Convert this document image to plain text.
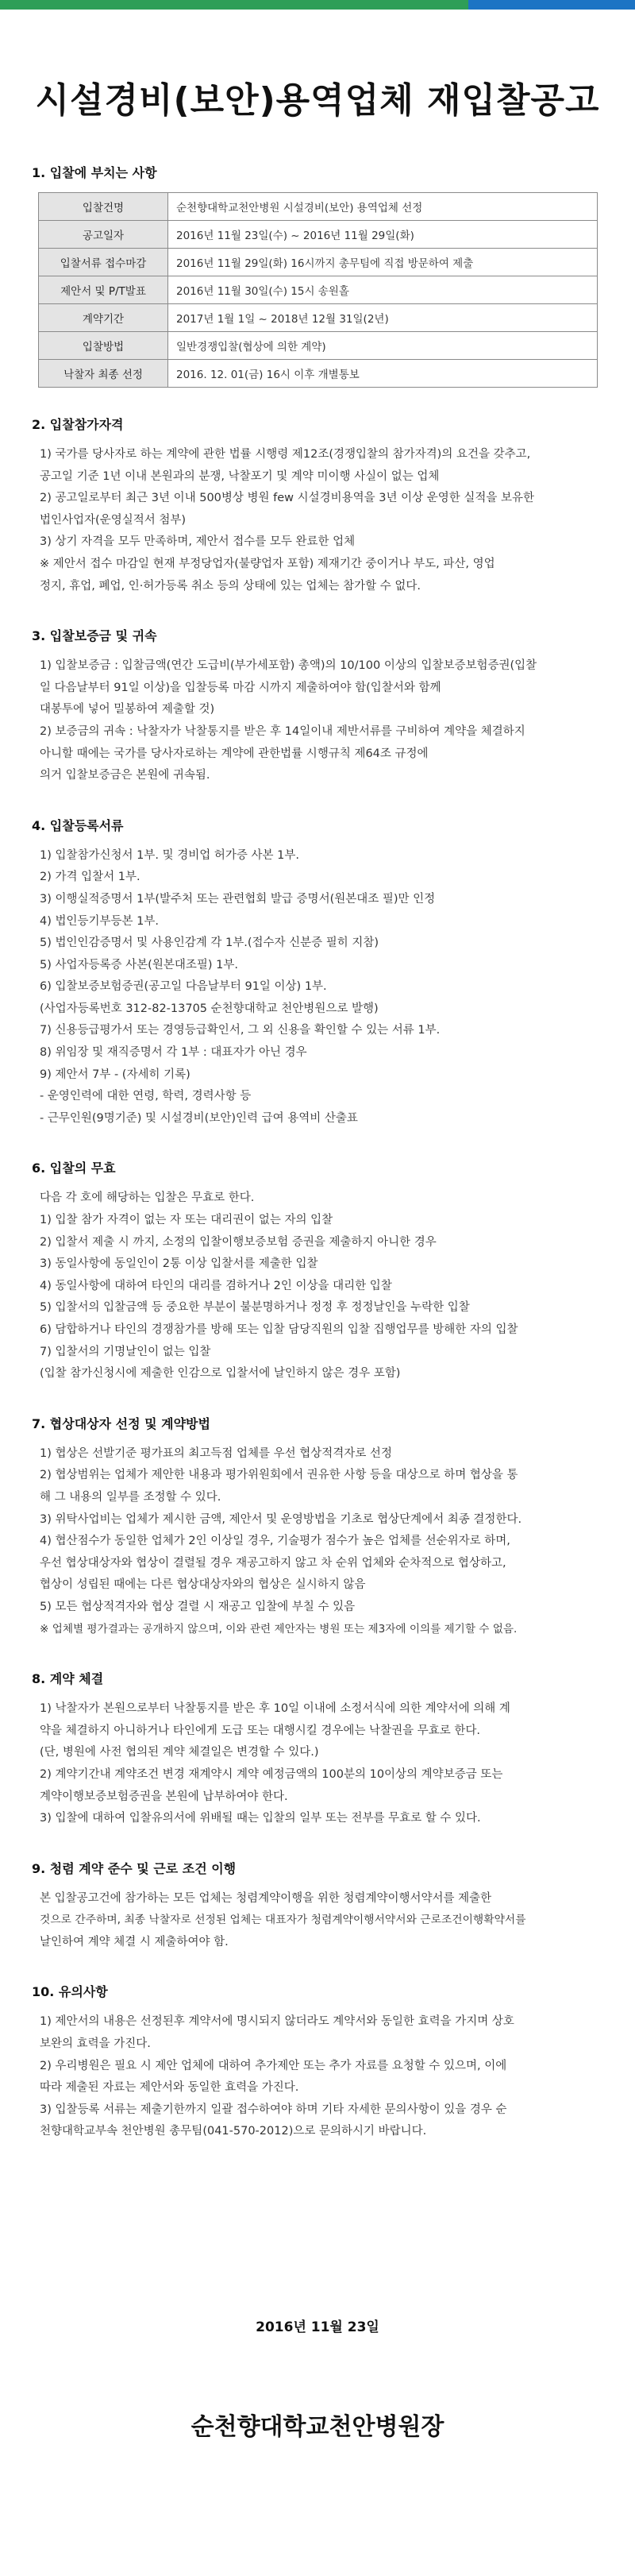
시설경비(보안)용역업체 재입찰공고
1. 입찰에 부치는 사항
입찰건명	순천향대학교천안병원 시설경비(보안) 용역업체 선정
공고일자	2016년 11월 23일(수) ~ 2016년 11월 29일(화)
입찰서류 접수마감	2016년 11월 29일(화) 16시까지 총무팀에 직접 방문하여 제출
제안서 및 P/T발표	2016년 11월 30일(수) 15시 송원홀
계약기간	2017년 1월 1일 ~ 2018년 12월 31일(2년)
입찰방법	일반경쟁입찰(협상에 의한 계약)
낙찰자 최종 선정	2016. 12. 01(금) 16시 이후 개별통보
2. 입찰참가자격
1) 국가를 당사자로 하는 계약에 관한 법률 시행령 제12조(경쟁입찰의 참가자격)의 요건을 갖추고,
공고일 기준 1년 이내 본원과의 분쟁, 낙찰포기 및 계약 미이행 사실이 없는 업체
2) 공고일로부터 최근 3년 이내 500병상 병원 few 시설경비용역을 3년 이상 운영한 실적을 보유한
법인사업자(운영실적서 첨부)
3) 상기 자격을 모두 만족하며, 제안서 접수를 모두 완료한 업체
※ 제안서 접수 마감일 현재 부정당업자(불량업자 포함) 제재기간 중이거나 부도, 파산, 영업
정지, 휴업, 폐업, 인·허가등록 취소 등의 상태에 있는 업체는 참가할 수 없다.
3. 입찰보증금 및 귀속
1) 입찰보증금 : 입찰금액(연간 도급비(부가세포함) 총액)의 10/100 이상의 입찰보증보험증권(입찰
일 다음날부터 91일 이상)을 입찰등록 마감 시까지 제출하여야 함(입찰서와 함께
대봉투에 넣어 밀봉하여 제출할 것)
2) 보증금의 귀속 : 낙찰자가 낙찰통지를 받은 후 14일이내 제반서류를 구비하여 계약을 체결하지
아니할 때에는 국가를 당사자로하는 계약에 관한법률 시행규칙 제64조 규정에
의거 입찰보증금은 본원에 귀속됨.
4. 입찰등록서류
1) 입찰참가신청서 1부. 및 경비업 허가증 사본 1부.
2) 가격 입찰서 1부.
3) 이행실적증명서 1부(발주처 또는 관련협회 발급 증명서(원본대조 필)만 인정
4) 법인등기부등본 1부.
5) 법인인감증명서 및 사용인감계 각 1부.(접수자 신분증 필히 지참)
5) 사업자등록증 사본(원본대조필) 1부.
6) 입찰보증보험증권(공고일 다음날부터 91일 이상) 1부.
(사업자등록번호 312-82-13705 순천향대학교 천안병원으로 발행)
7) 신용등급평가서 또는 경영등급확인서, 그 외 신용을 확인할 수 있는 서류 1부.
8) 위임장 및 재직증명서 각 1부 : 대표자가 아닌 경우
9) 제안서 7부 - (자세히 기록)
- 운영인력에 대한 연령, 학력, 경력사항 등
- 근무인원(9명기준) 및 시설경비(보안)인력 급여 용역비 산출표
6. 입찰의 무효
다음 각 호에 해당하는 입찰은 무효로 한다.
1) 입찰 참가 자격이 없는 자 또는 대리권이 없는 자의 입찰
2) 입찰서 제출 시 까지, 소정의 입찰이행보증보험 증권을 제출하지 아니한 경우
3) 동일사항에 동일인이 2통 이상 입찰서를 제출한 입찰
4) 동일사항에 대하여 타인의 대리를 겸하거나 2인 이상을 대리한 입찰
5) 입찰서의 입찰금액 등 중요한 부분이 불분명하거나 정정 후 정정날인을 누락한 입찰
6) 담합하거나 타인의 경쟁참가를 방해 또는 입찰 담당직원의 입찰 집행업무를 방해한 자의 입찰
7) 입찰서의 기명날인이 없는 입찰
(입찰 참가신청시에 제출한 인감으로 입찰서에 날인하지 않은 경우 포함)
7. 협상대상자 선정 및 계약방법
1) 협상은 선발기준 평가표의 최고득점 업체를 우선 협상적격자로 선정
2) 협상범위는 업체가 제안한 내용과 평가위원회에서 권유한 사항 등을 대상으로 하며 협상을 통
해 그 내용의 일부를 조정할 수 있다.
3) 위탁사업비는 업체가 제시한 금액, 제안서 및 운영방법을 기초로 협상단계에서 최종 결정한다.
4) 협산점수가 동일한 업체가 2인 이상일 경우, 기술평가 점수가 높은 업체를 선순위자로 하며,
우선 협상대상자와 협상이 결렬될 경우 재공고하지 않고 차 순위 업체와 순차적으로 협상하고,
협상이 성립된 때에는 다른 협상대상자와의 협상은 실시하지 않음
5) 모든 협상적격자와 협상 결렬 시 재공고 입찰에 부칠 수 있음
※ 업체별 평가결과는 공개하지 않으며, 이와 관련 제안자는 병원 또는 제3자에 이의를 제기할 수 없음.
8. 계약 체결
1) 낙찰자가 본원으로부터 낙찰통지를 받은 후 10일 이내에 소정서식에 의한 계약서에 의해 계
약을 체결하지 아니하거나 타인에게 도급 또는 대행시킬 경우에는 낙찰권을 무효로 한다.
(단, 병원에 사전 협의된 계약 체결일은 변경할 수 있다.)
2) 계약기간내 계약조건 변경 재계약시 계약 예정금액의 100분의 10이상의 계약보증금 또는
계약이행보증보험증권을 본원에 납부하여야 한다.
3) 입찰에 대하여 입찰유의서에 위배될 때는 입찰의 일부 또는 전부를 무효로 할 수 있다.
9. 청렴 계약 준수 및 근로 조건 이행
본 입찰공고건에 참가하는 모든 업체는 청렴계약이행을 위한 청렴계약이행서약서를 제출한
것으로 간주하며, 최종 낙찰자로 선정된 업체는 대표자가 청렴계약이행서약서와 근로조건이행확약서를
날인하여 계약 체결 시 제출하여야 함.
10. 유의사항
1) 제안서의 내용은 선정된후 계약서에 명시되지 않더라도 계약서와 동일한 효력을 가지며 상호
보완의 효력을 가진다.
2) 우리병원은 필요 시 제안 업체에 대하여 추가제안 또는 추가 자료를 요청할 수 있으며, 이에
따라 제출된 자료는 제안서와 동일한 효력을 가진다.
3) 입찰등록 서류는 제출기한까지 일괄 접수하여야 하며 기타 자세한 문의사항이 있을 경우 순
천향대학교부속 천안병원 총무팀(041-570-2012)으로 문의하시기 바랍니다.
2016년 11월 23일
순천향대학교천안병원장
